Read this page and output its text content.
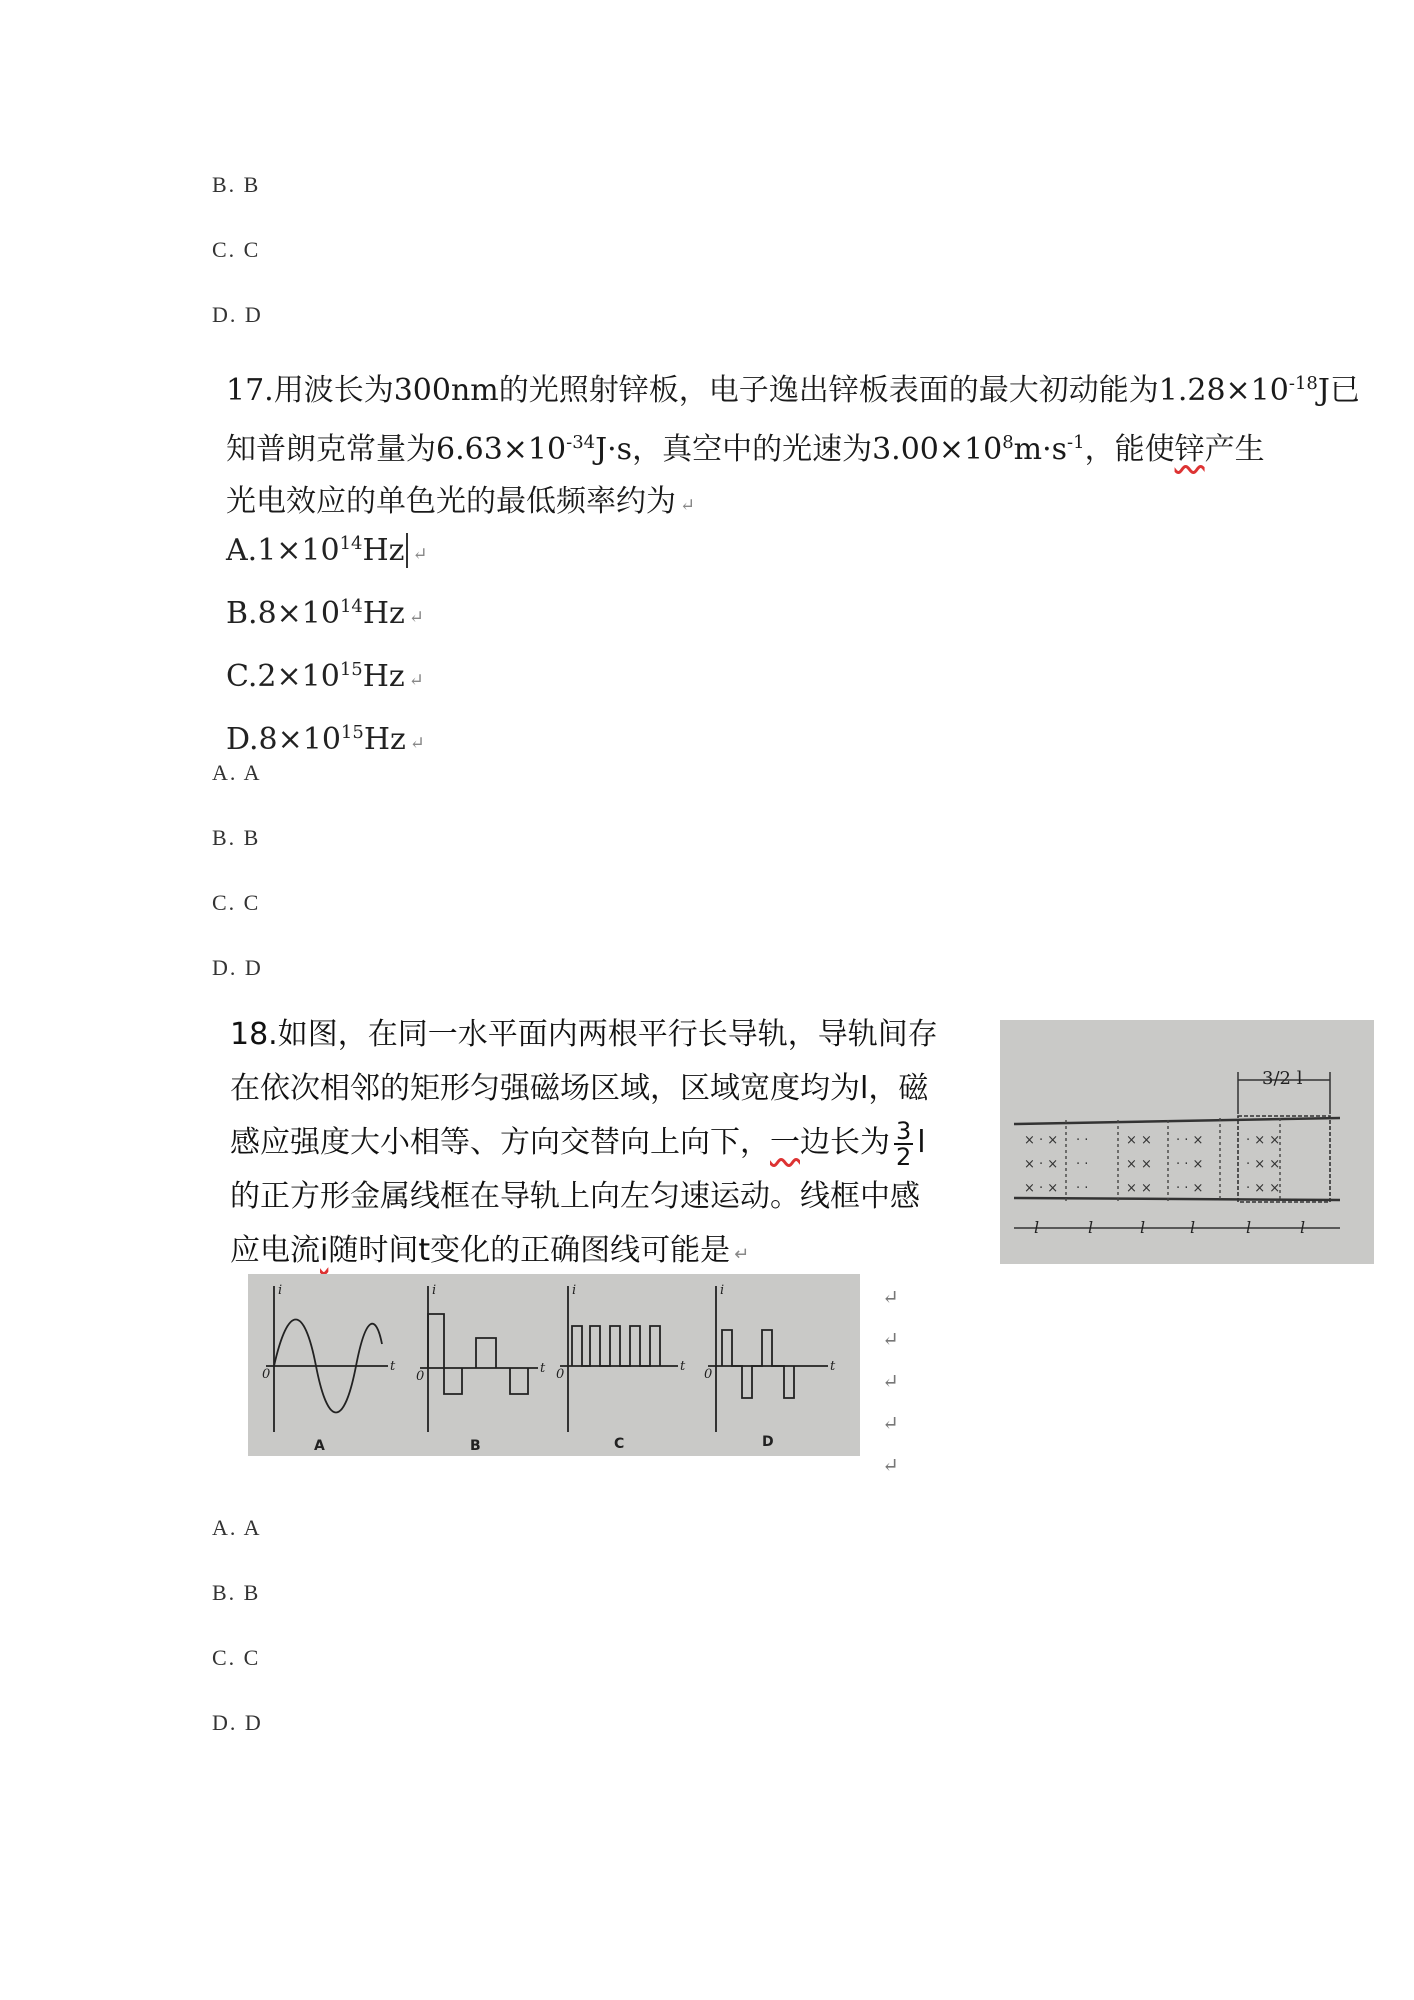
B. B
C. C
D. D

17.用波长为300nm的光照射锌板，电子逸出锌板表面的最大初动能为$1.28\times 10^{-18}J$已

知普朗克常量为$6.63\times 10^{-34}J\cdot s$，真空中的光速为$3.00\times 10^8m\cdot s^{-1}$，能使锌产生

光电效应的单色光的最低频率约为 ↵

$A.1\times 10^{14}Hz$ ↵
$B.8\times 10^{14}Hz$ ↵
$C.2\times 10^{15}Hz$ ↵
$D.8\times 10^{15}Hz$ ↵
A. A
B. B
C. C
D. D

18.如图，在同一水平面内两根平行长导轨，导轨间存

在依次相邻的矩形匀强磁场区域，区域宽度均为l，磁

感应强度大小相等、方向交替向上向下，一边长为 $\frac{3}{2}$ l

的正方形金属线框在导轨上向左匀速运动。线框中感

应电流i随时间t变化的正确图线可能是 ↵

× · ×
× · ×
× · ×
· ·
· ·
· ·
× ×
× ×
× ×
· · ×
· · ×
· · ×
· × ×
· × ×
· × ×
3/2 l
l	l	l	l	l	l
i
t
0
i
t
0
i
t
0
i
t
0
A	B	C	D
↵
↵
↵
↵
↵
A. A
B. B
C. C
D. D
